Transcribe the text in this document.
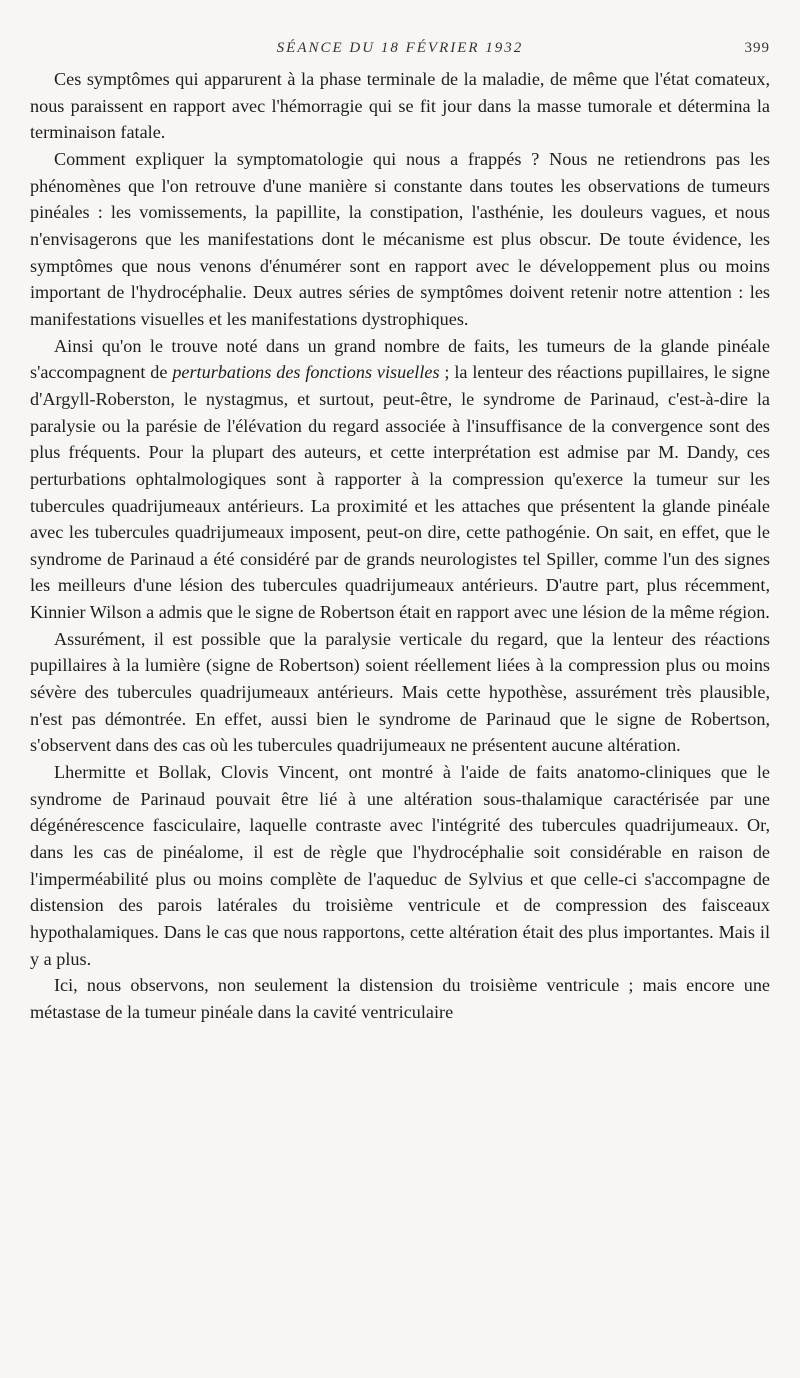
SÉANCE DU 18 FÉVRIER 1932	399

Ces symptômes qui apparurent à la phase terminale de la maladie, de même que l'état comateux, nous paraissent en rapport avec l'hémorragie qui se fit jour dans la masse tumorale et détermina la terminaison fatale.

Comment expliquer la symptomatologie qui nous a frappés ? Nous ne retiendrons pas les phénomènes que l'on retrouve d'une manière si constante dans toutes les observations de tumeurs pinéales : les vomissements, la papillite, la constipation, l'asthénie, les douleurs vagues, et nous n'envisagerons que les manifestations dont le mécanisme est plus obscur. De toute évidence, les symptômes que nous venons d'énumérer sont en rapport avec le développement plus ou moins important de l'hydrocéphalie. Deux autres séries de symptômes doivent retenir notre attention : les manifestations visuelles et les manifestations dystrophiques.

Ainsi qu'on le trouve noté dans un grand nombre de faits, les tumeurs de la glande pinéale s'accompagnent de perturbations des fonctions visuelles ; la lenteur des réactions pupillaires, le signe d'Argyll-Roberston, le nystagmus, et surtout, peut-être, le syndrome de Parinaud, c'est-à-dire la paralysie ou la parésie de l'élévation du regard associée à l'insuffisance de la convergence sont des plus fréquents. Pour la plupart des auteurs, et cette interprétation est admise par M. Dandy, ces perturbations ophtalmologiques sont à rapporter à la compression qu'exerce la tumeur sur les tubercules quadrijumeaux antérieurs. La proximité et les attaches que présentent la glande pinéale avec les tubercules quadrijumeaux imposent, peut-on dire, cette pathogénie. On sait, en effet, que le syndrome de Parinaud a été considéré par de grands neurologistes tel Spiller, comme l'un des signes les meilleurs d'une lésion des tubercules quadrijumeaux antérieurs. D'autre part, plus récemment, Kinnier Wilson a admis que le signe de Robertson était en rapport avec une lésion de la même région.

Assurément, il est possible que la paralysie verticale du regard, que la lenteur des réactions pupillaires à la lumière (signe de Robertson) soient réellement liées à la compression plus ou moins sévère des tubercules quadrijumeaux antérieurs. Mais cette hypothèse, assurément très plausible, n'est pas démontrée. En effet, aussi bien le syndrome de Parinaud que le signe de Robertson, s'observent dans des cas où les tubercules quadrijumeaux ne présentent aucune altération.

Lhermitte et Bollak, Clovis Vincent, ont montré à l'aide de faits anatomo-cliniques que le syndrome de Parinaud pouvait être lié à une altération sous-thalamique caractérisée par une dégénérescence fasciculaire, laquelle contraste avec l'intégrité des tubercules quadrijumeaux. Or, dans les cas de pinéalome, il est de règle que l'hydrocéphalie soit considérable en raison de l'imperméabilité plus ou moins complète de l'aqueduc de Sylvius et que celle-ci s'accompagne de distension des parois latérales du troisième ventricule et de compression des faisceaux hypothalamiques. Dans le cas que nous rapportons, cette altération était des plus importantes. Mais il y a plus.

Ici, nous observons, non seulement la distension du troisième ventricule ; mais encore une métastase de la tumeur pinéale dans la cavité ventriculaire
